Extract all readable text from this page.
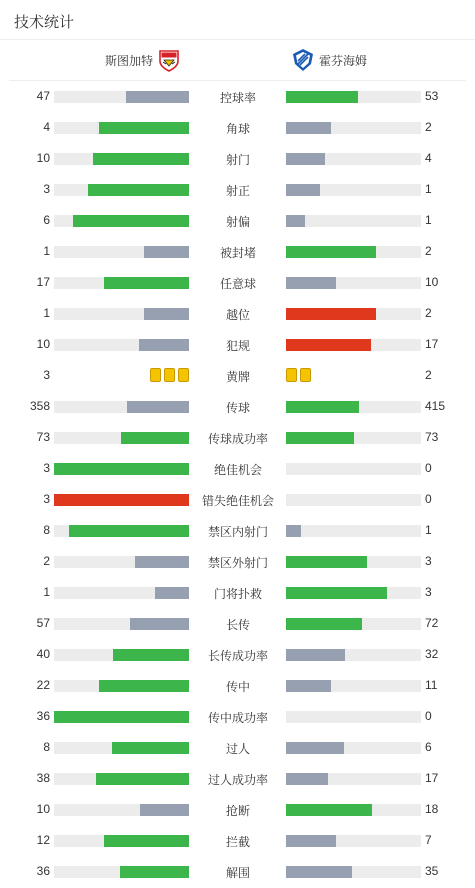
技术统计
斯图加特	霍芬海姆
47	控球率	53
4	角球	2
10	射门	4
3	射正	1
6	射偏	1
1	被封堵	2
17	任意球	10
1	越位	2
10	犯规	17
3	黄牌	2
358	传球	415
73	传球成功率	73
3	绝佳机会	0
3	错失绝佳机会	0
8	禁区内射门	1
2	禁区外射门	3
1	门将扑救	3
57	长传	72
40	长传成功率	32
22	传中	11
36	传中成功率	0
8	过人	6
38	过人成功率	17
10	抢断	18
12	拦截	7
36	解围	35
